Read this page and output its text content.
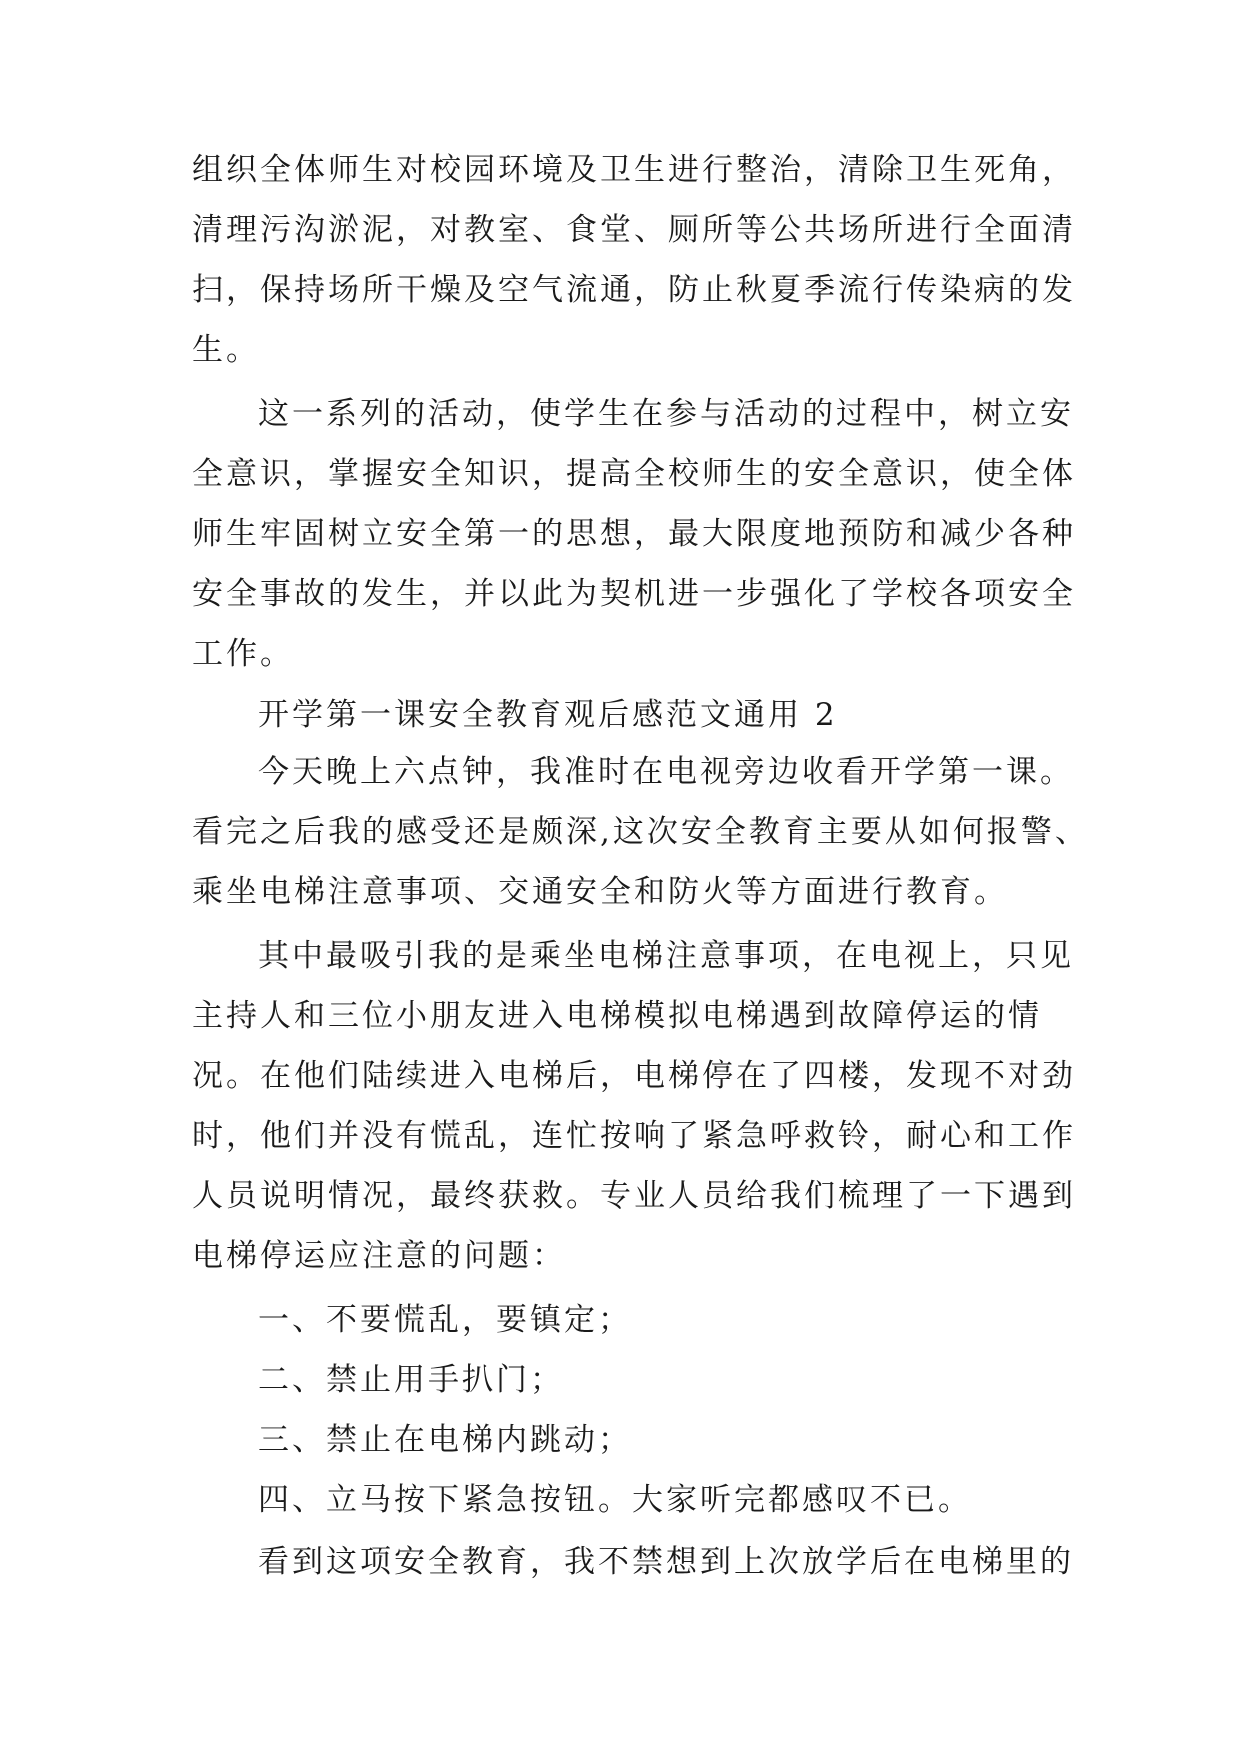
组织全体师生对校园环境及卫生进行整治，清除卫生死角，
清理污沟淤泥，对教室、食堂、厕所等公共场所进行全面清
扫，保持场所干燥及空气流通，防止秋夏季流行传染病的发
生。
这一系列的活动，使学生在参与活动的过程中，树立安
全意识，掌握安全知识，提高全校师生的安全意识，使全体
师生牢固树立安全第一的思想，最大限度地预防和减少各种
安全事故的发生，并以此为契机进一步强化了学校各项安全
工作。
开学第一课安全教育观后感范文通用 2
今天晚上六点钟，我准时在电视旁边收看开学第一课。
看完之后我的感受还是颇深,这次安全教育主要从如何报警、
乘坐电梯注意事项、交通安全和防火等方面进行教育。
其中最吸引我的是乘坐电梯注意事项，在电视上，只见
主持人和三位小朋友进入电梯模拟电梯遇到故障停运的情
况。在他们陆续进入电梯后，电梯停在了四楼，发现不对劲
时，他们并没有慌乱，连忙按响了紧急呼救铃，耐心和工作
人员说明情况，最终获救。专业人员给我们梳理了一下遇到
电梯停运应注意的问题：
一、不要慌乱，要镇定；
二、禁止用手扒门；
三、禁止在电梯内跳动；
四、立马按下紧急按钮。大家听完都感叹不已。
看到这项安全教育，我不禁想到上次放学后在电梯里的
